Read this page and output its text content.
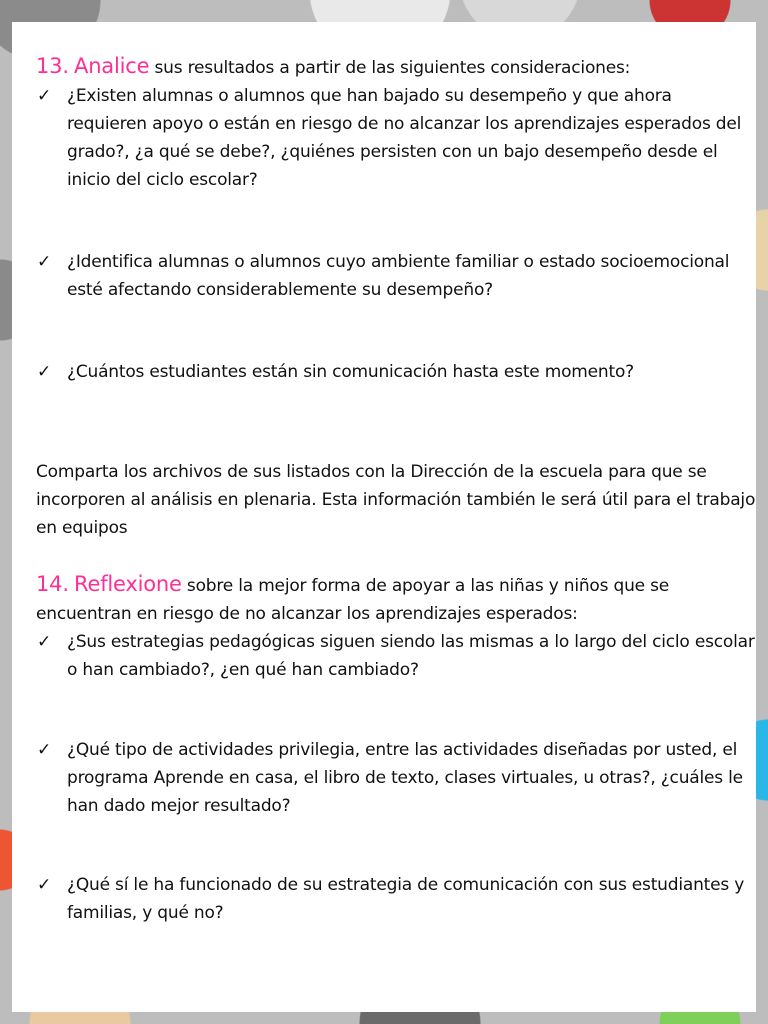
13. Analice sus resultados a partir de las siguientes consideraciones:

✓ ¿Existen alumnas o alumnos que han bajado su desempeño y que ahora requieren apoyo o están en riesgo de no alcanzar los aprendizajes esperados del grado?, ¿a qué se debe?, ¿quiénes persisten con un bajo desempeño desde el inicio del ciclo escolar?
✓ ¿Identifica alumnas o alumnos cuyo ambiente familiar o estado socioemocional esté afectando considerablemente su desempeño?
✓ ¿Cuántos estudiantes están sin comunicación hasta este momento?

Comparta los archivos de sus listados con la Dirección de la escuela para que se incorporen al análisis en plenaria. Esta información también le será útil para el trabajo en equipos

14. Reflexione sobre la mejor forma de apoyar a las niñas y niños que se encuentran en riesgo de no alcanzar los aprendizajes esperados:

✓ ¿Sus estrategias pedagógicas siguen siendo las mismas a lo largo del ciclo escolar o han cambiado?, ¿en qué han cambiado?
✓ ¿Qué tipo de actividades privilegia, entre las actividades diseñadas por usted, el programa Aprende en casa, el libro de texto, clases virtuales, u otras?, ¿cuáles le han dado mejor resultado?
✓ ¿Qué sí le ha funcionado de su estrategia de comunicación con sus estudiantes y familias, y qué no?
